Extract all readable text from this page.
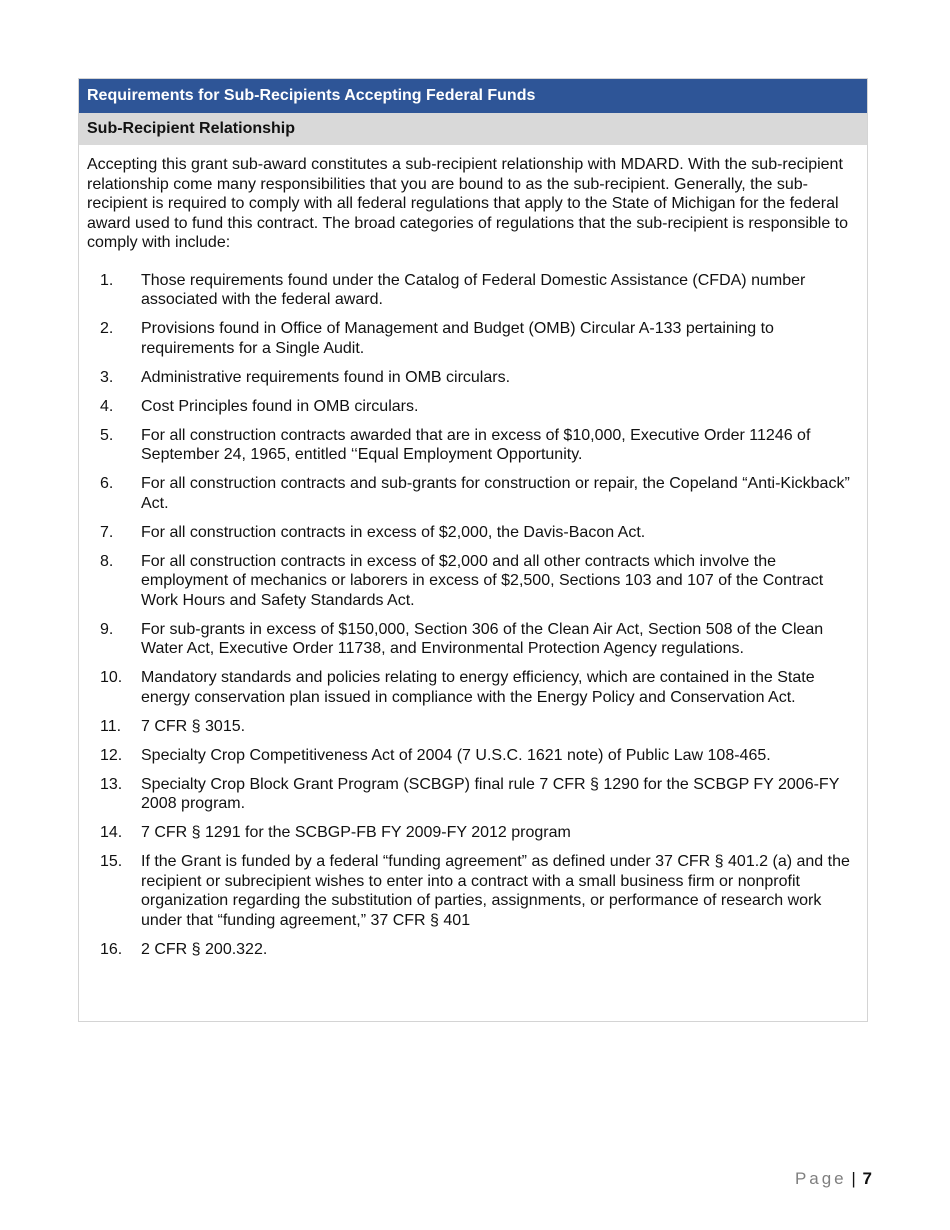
Requirements for Sub-Recipients Accepting Federal Funds
Sub-Recipient Relationship

Accepting this grant sub-award constitutes a sub-recipient relationship with MDARD. With the sub-recipient relationship come many responsibilities that you are bound to as the sub-recipient. Generally, the sub-recipient is required to comply with all federal regulations that apply to the State of Michigan for the federal award used to fund this contract. The broad categories of regulations that the sub-recipient is responsible to comply with include:

1.	Those requirements found under the Catalog of Federal Domestic Assistance (CFDA) number associated with the federal award.
2.	Provisions found in Office of Management and Budget (OMB) Circular A-133 pertaining to requirements for a Single Audit.
3.	Administrative requirements found in OMB circulars.
4.	Cost Principles found in OMB circulars.
5.	For all construction contracts awarded that are in excess of $10,000, Executive Order 11246 of September 24, 1965, entitled ‘‘Equal Employment Opportunity.
6.	For all construction contracts and sub-grants for construction or repair, the Copeland “Anti-Kickback” Act.
7.	For all construction contracts in excess of $2,000, the Davis-Bacon Act.
8.	For all construction contracts in excess of $2,000 and all other contracts which involve the employment of mechanics or laborers in excess of $2,500, Sections 103 and 107 of the Contract Work Hours and Safety Standards Act.
9.	For sub-grants in excess of $150,000, Section 306 of the Clean Air Act, Section 508 of the Clean Water Act, Executive Order 11738, and Environmental Protection Agency regulations.
10.	Mandatory standards and policies relating to energy efficiency, which are contained in the State energy conservation plan issued in compliance with the Energy Policy and Conservation Act.
11.	7 CFR § 3015.
12.	Specialty Crop Competitiveness Act of 2004 (7 U.S.C. 1621 note) of Public Law 108-465.
13.	Specialty Crop Block Grant Program (SCBGP) final rule 7 CFR § 1290 for the SCBGP FY 2006-FY 2008 program.
14.	7 CFR § 1291 for the SCBGP-FB FY 2009-FY 2012 program
15.	If the Grant is funded by a federal “funding agreement” as defined under 37 CFR § 401.2 (a) and the recipient or subrecipient wishes to enter into a contract with a small business firm or nonprofit organization regarding the substitution of parties, assignments, or performance of research work under that “funding agreement,” 37 CFR § 401
16.	2 CFR § 200.322.
Page | 7
